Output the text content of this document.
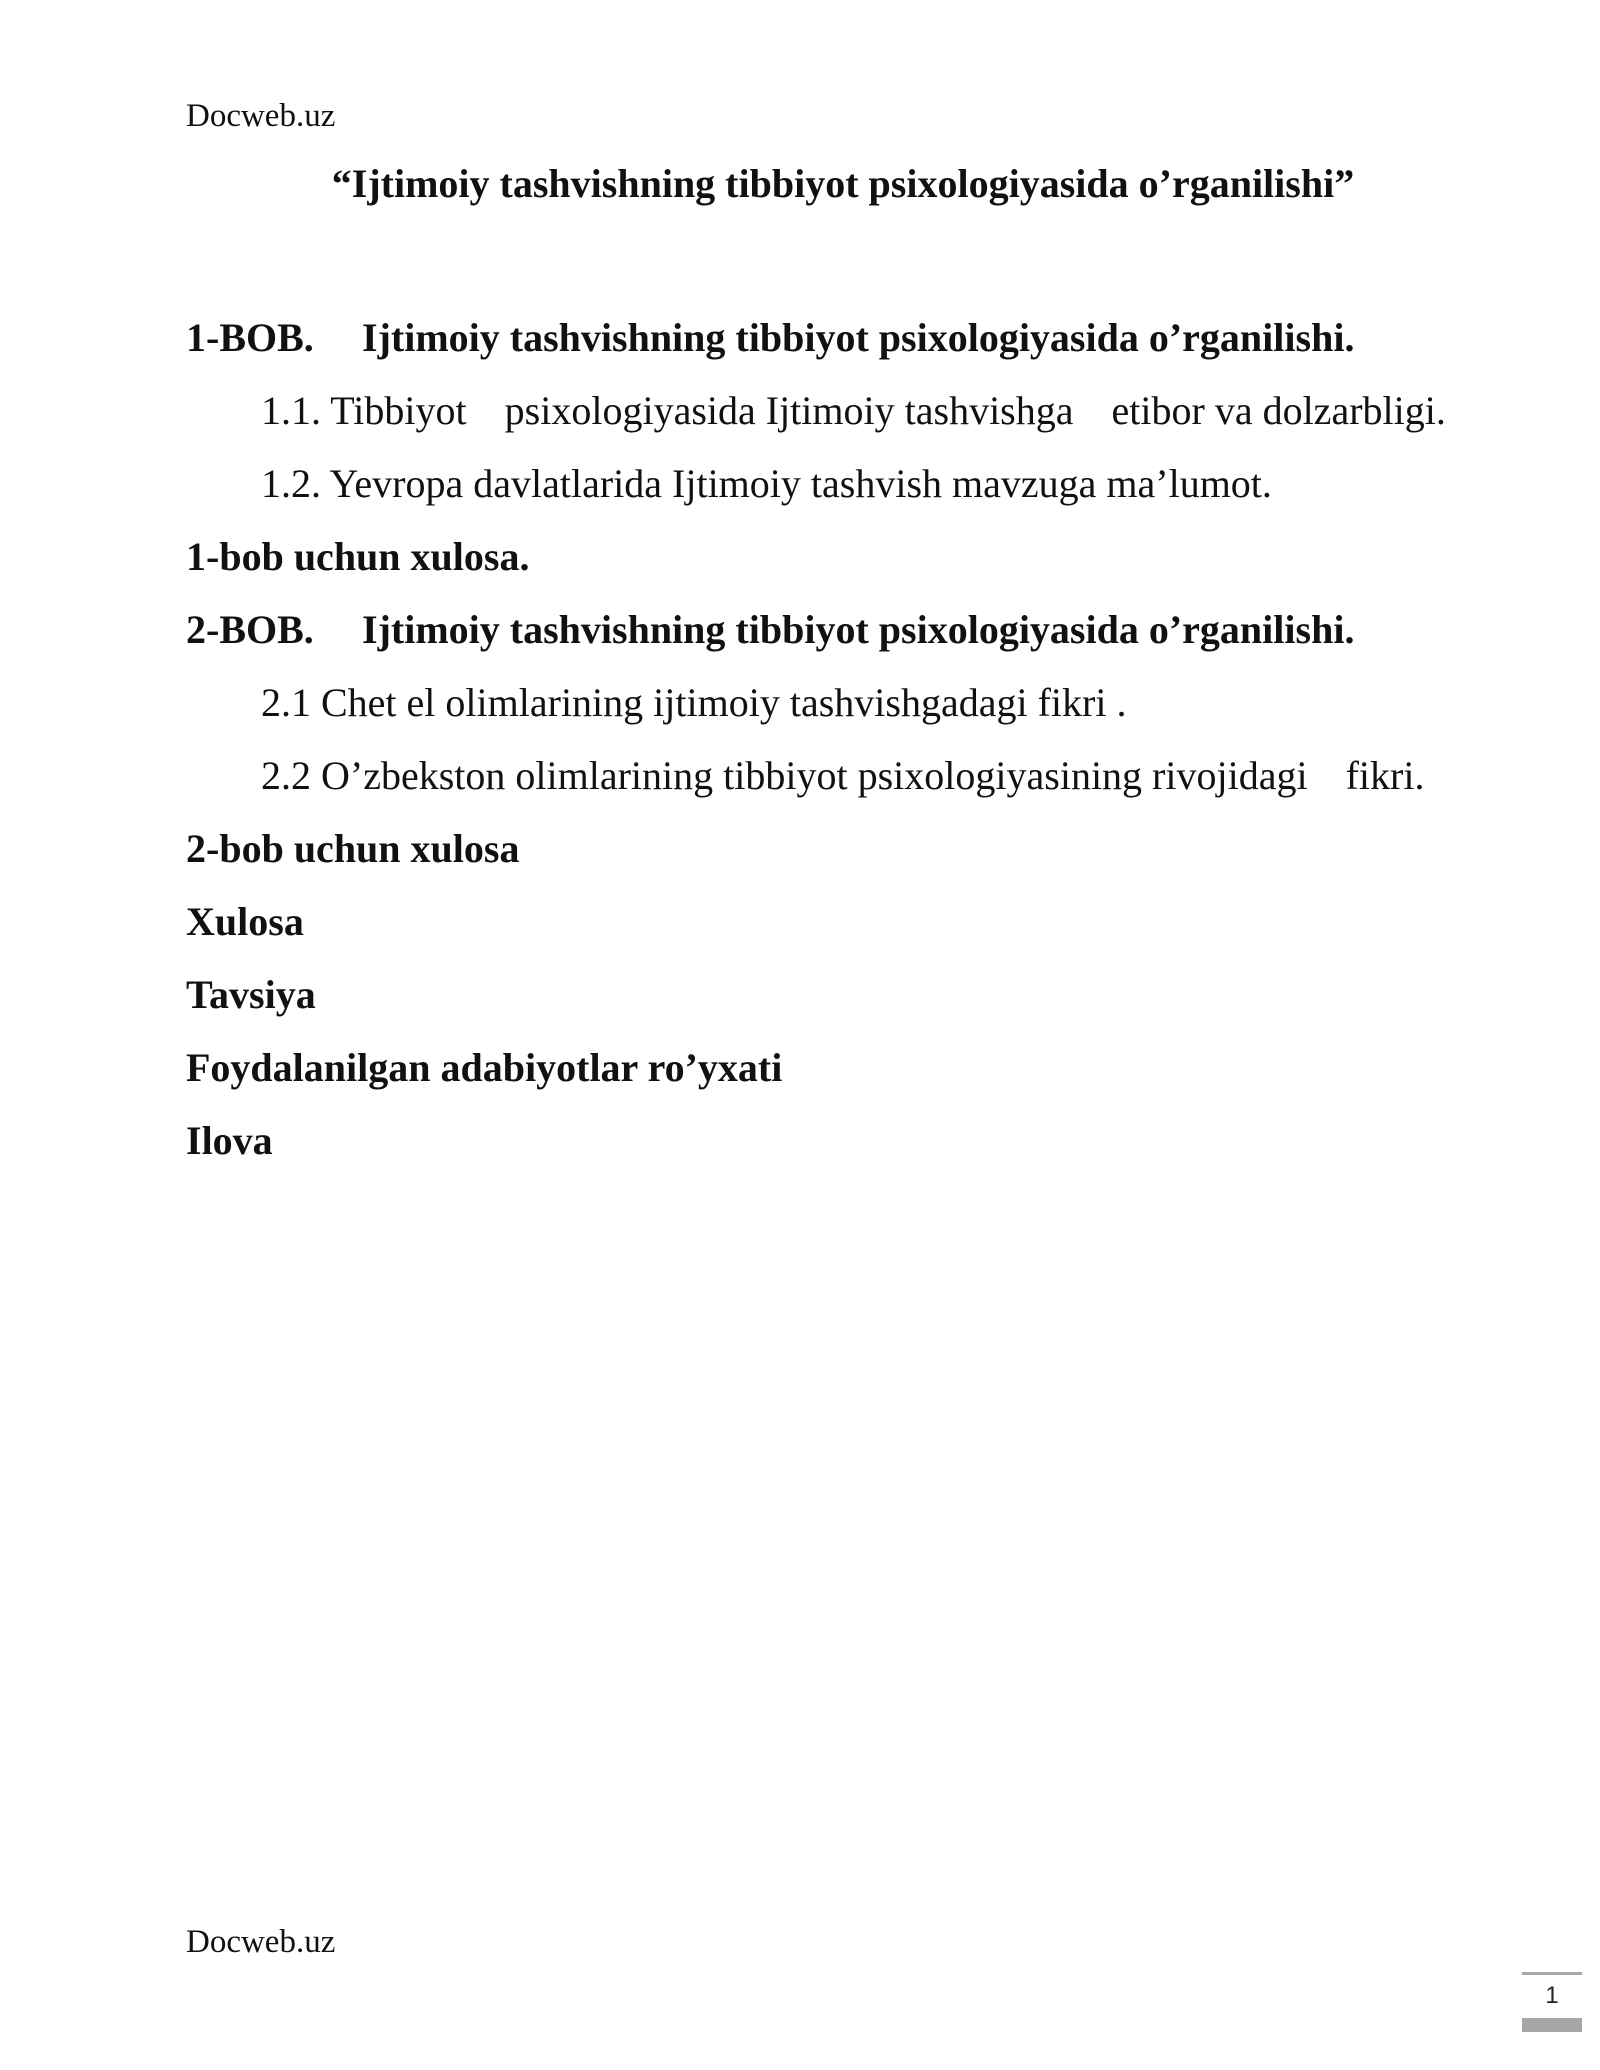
Docweb.uz
“Ijtimoiy tashvishning tibbiyot psixologiyasida o’rganilishi”
1-BOB. Ijtimoiy tashvishning tibbiyot psixologiyasida o’rganilishi.
1.1. Tibbiyot psixologiyasida Ijtimoiy tashvishga etibor va dolzarbligi.
1.2. Yevropa davlatlarida Ijtimoiy tashvish mavzuga ma’lumot.
1-bob uchun xulosa.
2-BOB. Ijtimoiy tashvishning tibbiyot psixologiyasida o’rganilishi.
2.1 Chet el olimlarining ijtimoiy tashvishgadagi fikri .
2.2 O’zbekston olimlarining tibbiyot psixologiyasining rivojidagi fikri.
2-bob uchun xulosa
Xulosa
Tavsiya
Foydalanilgan adabiyotlar ro’yxati
Ilova
Docweb.uz
1
